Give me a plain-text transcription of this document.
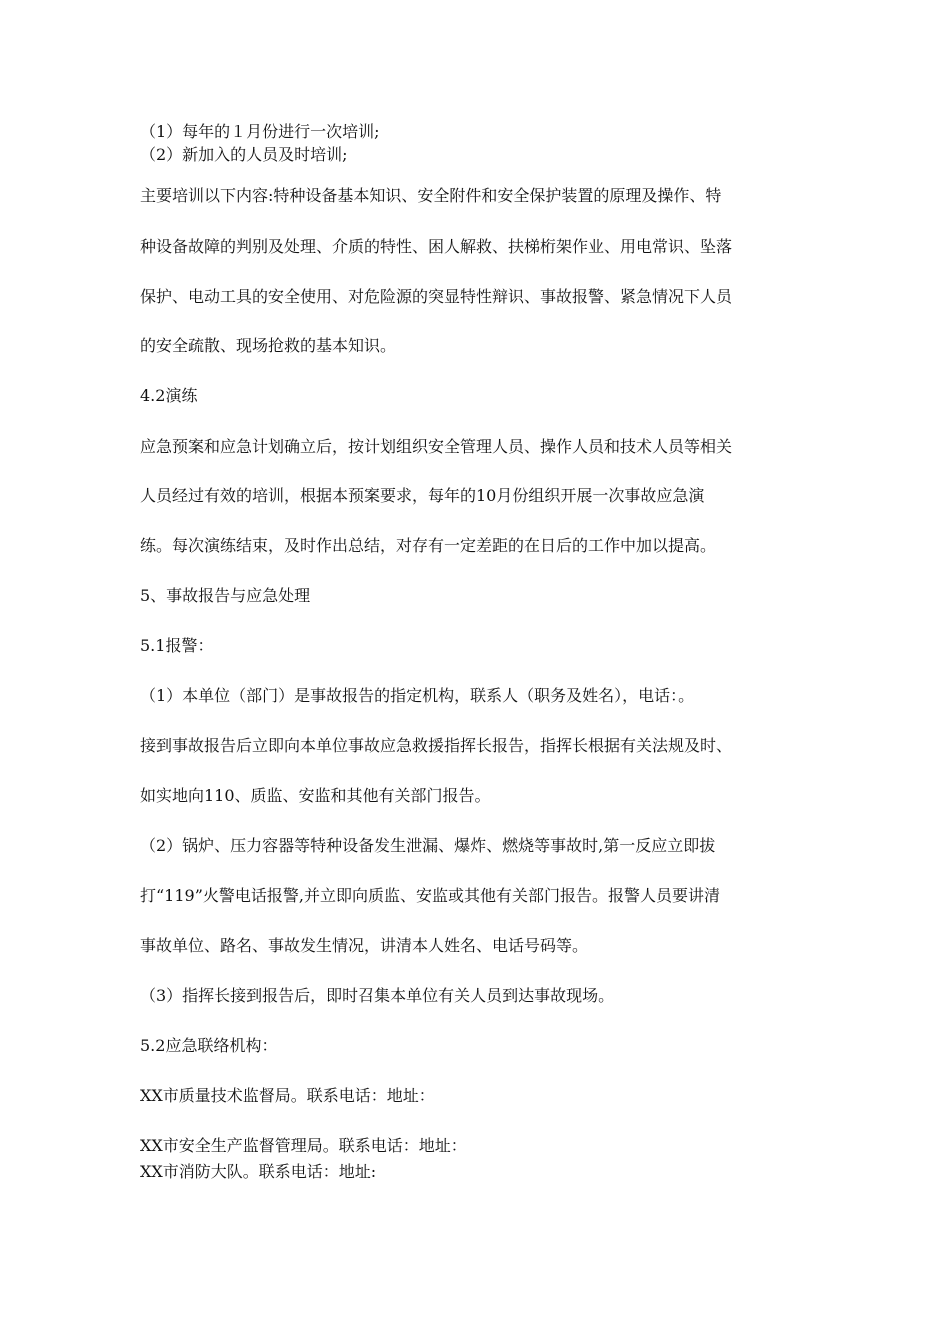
（1）每年的１月份进行一次培训;
（2）新加入的人员及时培训;
主要培训以下内容:特种设备基本知识、安全附件和安全保护装置的原理及操作、特
种设备故障的判别及处理、介质的特性、困人解救、扶梯桁架作业、用电常识、坠落
保护、电动工具的安全使用、对危险源的突显特性辩识、事故报警、紧急情况下人员
的安全疏散、现场抢救的基本知识。
4.2演练
应急预案和应急计划确立后，按计划组织安全管理人员、操作人员和技术人员等相关
人员经过有效的培训，根据本预案要求，每年的10月份组织开展一次事故应急演
练。每次演练结束，及时作出总结，对存有一定差距的在日后的工作中加以提高。
5、事故报告与应急处理
5.1报警：
（1）本单位（部门）是事故报告的指定机构，联系人（职务及姓名），电话：。
接到事故报告后立即向本单位事故应急救援指挥长报告，指挥长根据有关法规及时、
如实地向110、质监、安监和其他有关部门报告。
（2）锅炉、压力容器等特种设备发生泄漏、爆炸、燃烧等事故时,第一反应立即拔
打“119”火警电话报警,并立即向质监、安监或其他有关部门报告。报警人员要讲清
事故单位、路名、事故发生情况，讲清本人姓名、电话号码等。
（3）指挥长接到报告后，即时召集本单位有关人员到达事故现场。
5.2应急联络机构：
XX市质量技术监督局。联系电话：地址：
XX市安全生产监督管理局。联系电话：地址：
XX市消防大队。联系电话：地址:
